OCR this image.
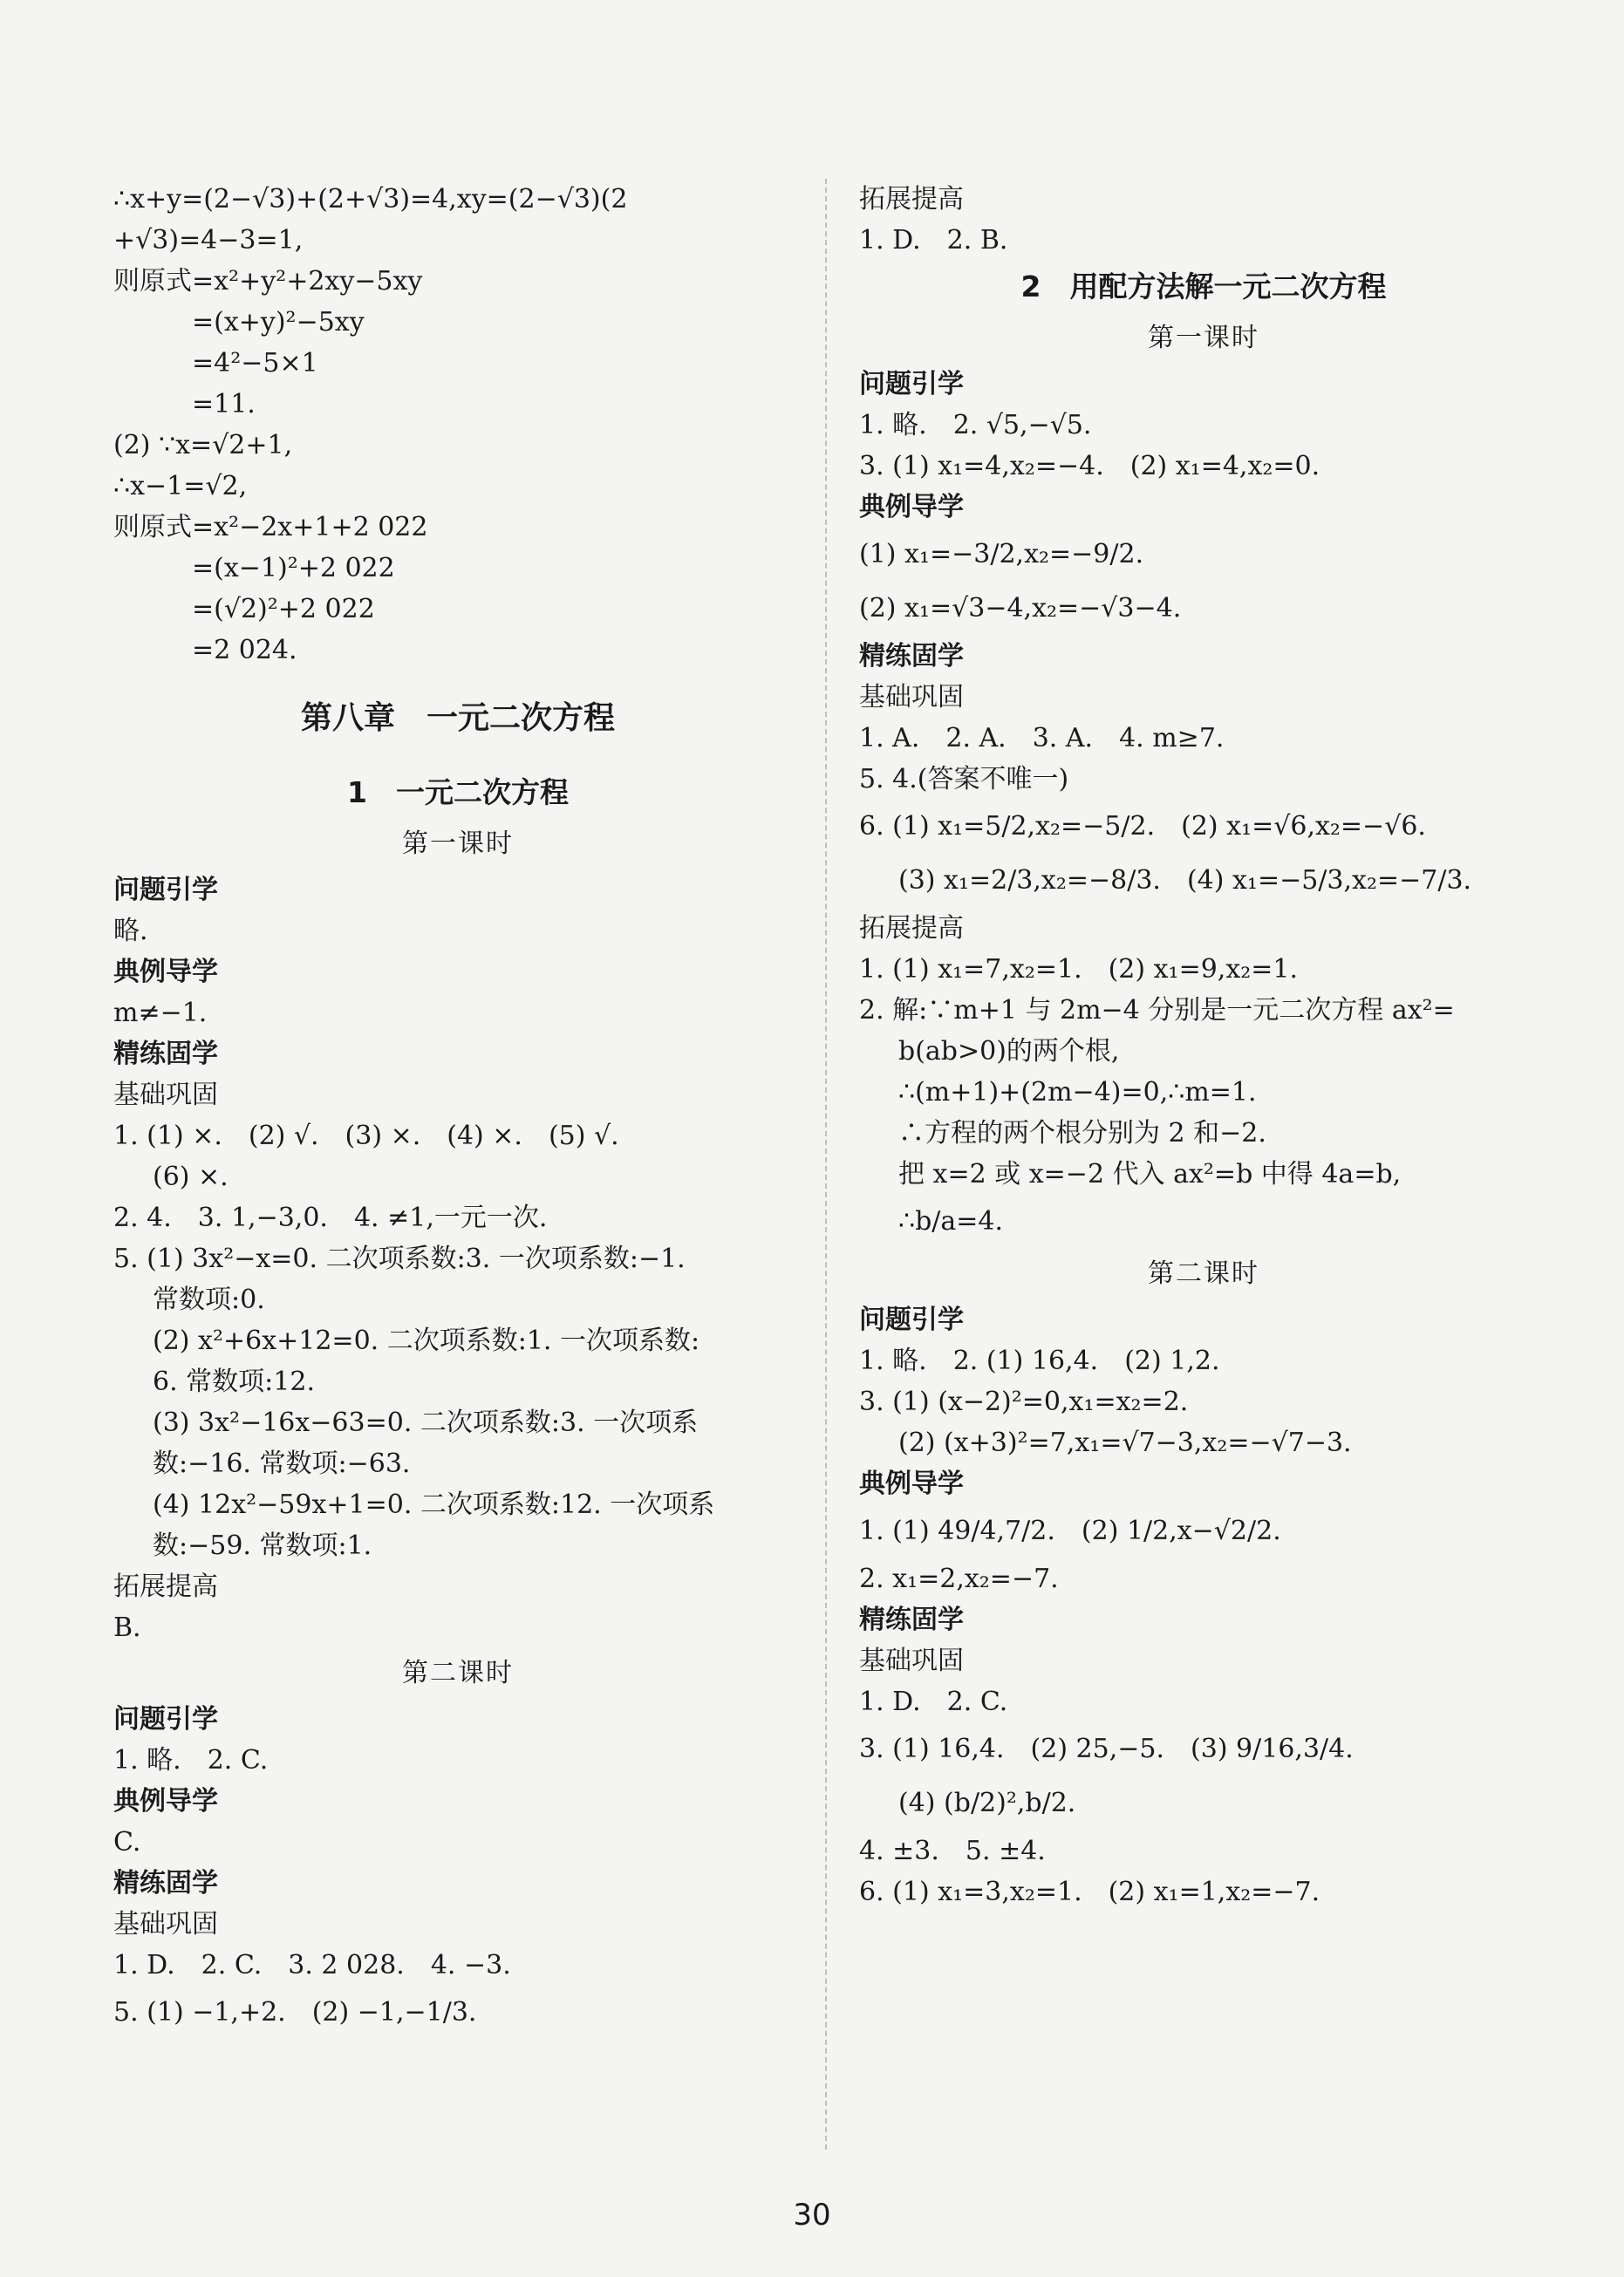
∴x+y=(2−√3)+(2+√3)=4,xy=(2−√3)(2
+√3)=4−3=1,
则原式=x²+y²+2xy−5xy
=(x+y)²−5xy
=4²−5×1
=11.
(2) ∵x=√2+1,
∴x−1=√2,
则原式=x²−2x+1+2 022
=(x−1)²+2 022
=(√2)²+2 022
=2 024.
第八章　一元二次方程
1　一元二次方程
第一课时
问题引学
略.
典例导学
m≠−1.
精练固学
基础巩固
1. (1) ×.　(2) √.　(3) ×.　(4) ×.　(5) √.
(6) ×.
2. 4.　3. 1,−3,0.　4. ≠1,一元一次.
5. (1) 3x²−x=0. 二次项系数:3. 一次项系数:−1.
常数项:0.
(2) x²+6x+12=0. 二次项系数:1. 一次项系数:
6. 常数项:12.
(3) 3x²−16x−63=0. 二次项系数:3. 一次项系
数:−16. 常数项:−63.
(4) 12x²−59x+1=0. 二次项系数:12. 一次项系
数:−59. 常数项:1.
拓展提高
B.
第二课时
问题引学
1. 略.　2. C.
典例导学
C.
精练固学
基础巩固
1. D.　2. C.　3. 2 028.　4. −3.
5. (1) −1,+2.　(2) −1,−1/3.
拓展提高
1. D.　2. B.
2　用配方法解一元二次方程
第一课时
问题引学
1. 略.　2. √5,−√5.
3. (1) x₁=4,x₂=−4.　(2) x₁=4,x₂=0.
典例导学
(1) x₁=−3/2,x₂=−9/2.
(2) x₁=√3−4,x₂=−√3−4.
精练固学
基础巩固
1. A.　2. A.　3. A.　4. m≥7.
5. 4.(答案不唯一)
6. (1) x₁=5/2,x₂=−5/2.　(2) x₁=√6,x₂=−√6.
(3) x₁=2/3,x₂=−8/3.　(4) x₁=−5/3,x₂=−7/3.
拓展提高
1. (1) x₁=7,x₂=1.　(2) x₁=9,x₂=1.
2. 解:∵m+1 与 2m−4 分别是一元二次方程 ax²=
b(ab>0)的两个根,
∴(m+1)+(2m−4)=0,∴m=1.
∴方程的两个根分别为 2 和−2.
把 x=2 或 x=−2 代入 ax²=b 中得 4a=b,
∴b/a=4.
第二课时
问题引学
1. 略.　2. (1) 16,4.　(2) 1,2.
3. (1) (x−2)²=0,x₁=x₂=2.
(2) (x+3)²=7,x₁=√7−3,x₂=−√7−3.
典例导学
1. (1) 49/4,7/2.　(2) 1/2,x−√2/2.
2. x₁=2,x₂=−7.
精练固学
基础巩固
1. D.　2. C.
3. (1) 16,4.　(2) 25,−5.　(3) 9/16,3/4.
(4) (b/2)²,b/2.
4. ±3.　5. ±4.
6. (1) x₁=3,x₂=1.　(2) x₁=1,x₂=−7.
30
